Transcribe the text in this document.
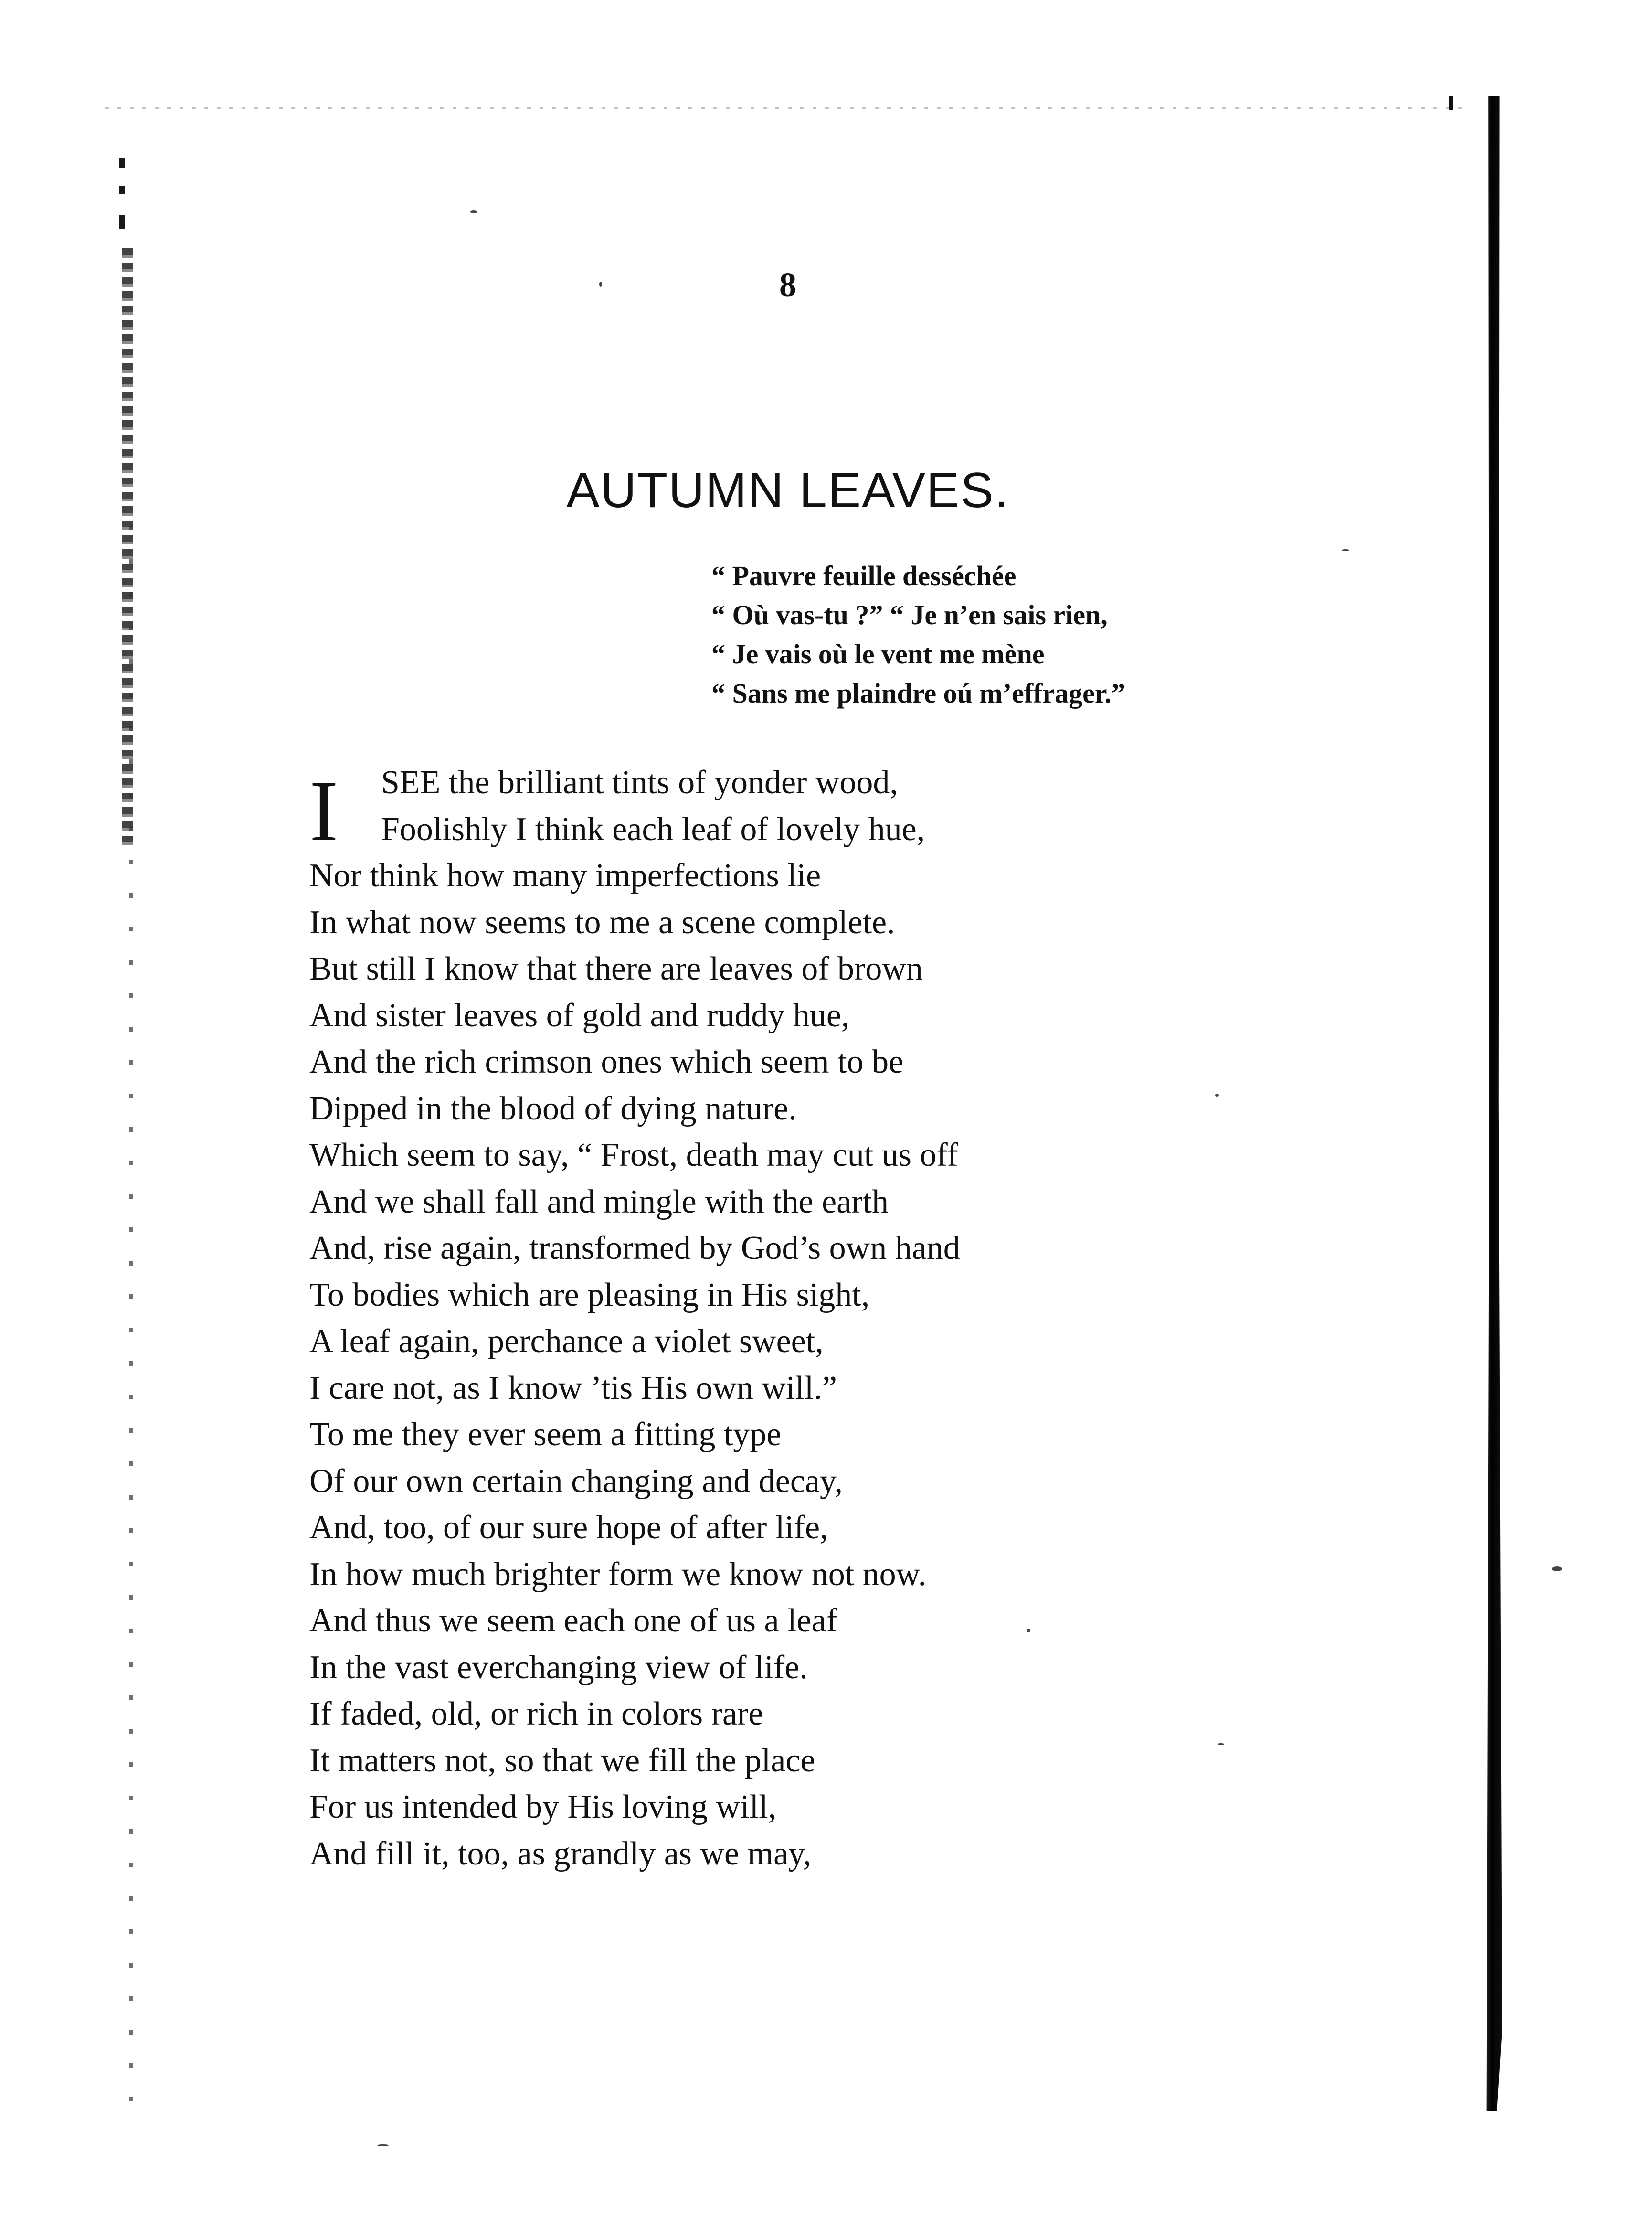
8
AUTUMN LEAVES.
“ Pauvre feuille desséchée
“ Où vas-tu ?” “ Je n’en sais rien,
“ Je vais où le vent me mène
“ Sans me plaindre oú m’effrager.”
I SEE the brilliant tints of yonder wood,
Foolishly I think each leaf of lovely hue,
Nor think how many imperfections lie
In what now seems to me a scene complete.
But still I know that there are leaves of brown
And sister leaves of gold and ruddy hue,
And the rich crimson ones which seem to be
Dipped in the blood of dying nature.
Which seem to say, “ Frost, death may cut us off
And we shall fall and mingle with the earth
And, rise again, transformed by God’s own hand
To bodies which are pleasing in His sight,
A leaf again, perchance a violet sweet,
I care not, as I know ’tis His own will.”
To me they ever seem a fitting type
Of our own certain changing and decay,
And, too, of our sure hope of after life,
In how much brighter form we know not now.
And thus we seem each one of us a leaf
In the vast everchanging view of life.
If faded, old, or rich in colors rare
It matters not, so that we fill the place
For us intended by His loving will,
And fill it, too, as grandly as we may,
